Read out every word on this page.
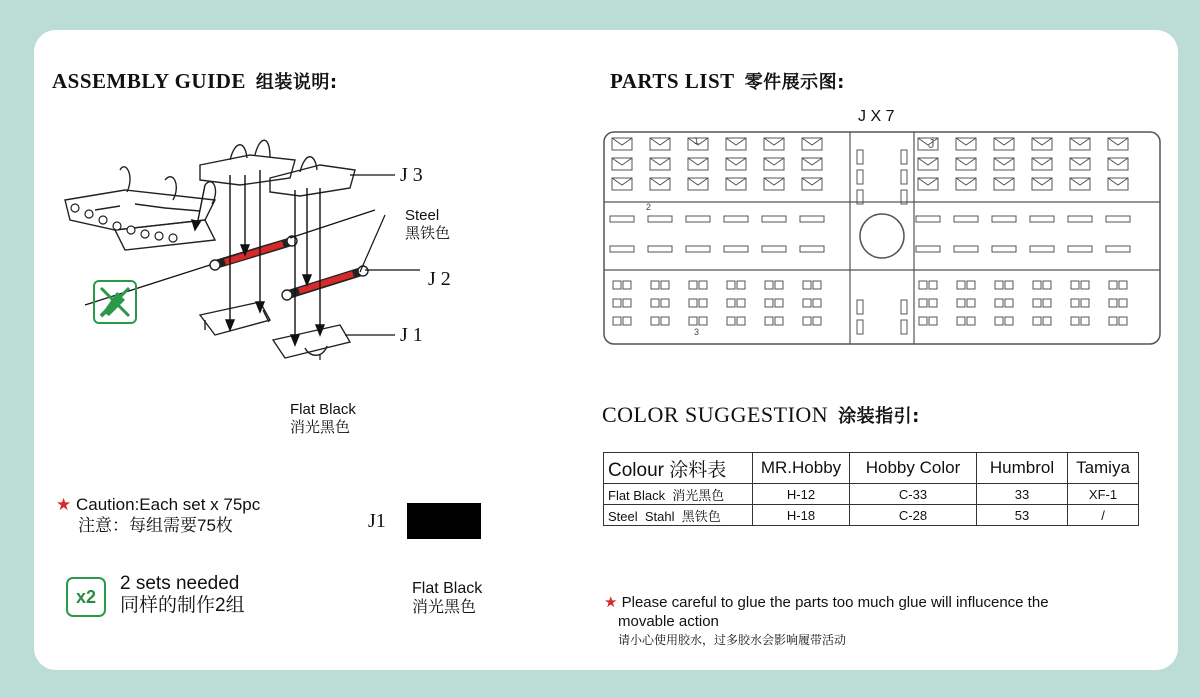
ASSEMBLY GUIDE 组装说明:
J 3
J 2
J 1
Steel
黑铁色
Flat Black
消光黑色
★ Caution:Each set x 75pc
注意：每组需要75枚
x2
2 sets needed
同样的制作2组
J1
Flat Black
消光黑色
PARTS LIST 零件展示图:
J X 7
J
1
2
3
COLOR SUGGESTION 涂装指引:
Colour 涂料表	MR.Hobby	Hobby Color	Humbrol	Tamiya
Flat Black  消光黑色	H-12	C-33	33	XF-1
Steel  Stahl  黑铁色	H-18	C-28	53	/
★ Please careful to glue the parts too much glue will influcence the
movable action
请小心使用胶水，过多胶水会影响履带活动
